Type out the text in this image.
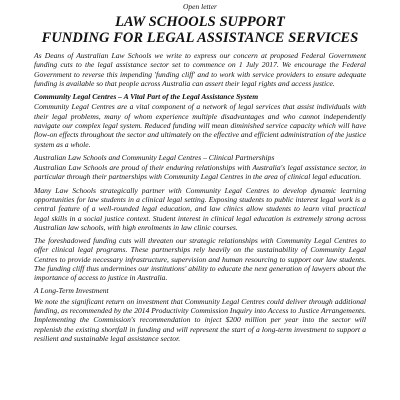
Open letter
LAW SCHOOLS SUPPORT
FUNDING FOR LEGAL ASSISTANCE SERVICES

As Deans of Australian Law Schools we write to express our concern at proposed Federal Government funding cuts to the legal assistance sector set to commence on 1 July 2017. We encourage the Federal Government to reverse this impending 'funding cliff' and to work with service providers to ensure adequate funding is available so that people across Australia can assert their legal rights and access justice.

Community Legal Centres – A Vital Part of the Legal Assistance System

Community Legal Centres are a vital component of a network of legal services that assist individuals with their legal problems, many of whom experience multiple disadvantages and who cannot independently navigate our complex legal system. Reduced funding will mean diminished service capacity which will have flow-on effects throughout the sector and ultimately on the effective and efficient administration of the justice system as a whole.

Australian Law Schools and Community Legal Centres – Clinical Partnerships

Australian Law Schools are proud of their enduring relationships with Australia's legal assistance sector, in particular through their partnerships with Community Legal Centres in the area of clinical legal education.

Many Law Schools strategically partner with Community Legal Centres to develop dynamic learning opportunities for law students in a clinical legal setting. Exposing students to public interest legal work is a central feature of a well-rounded legal education, and law clinics allow students to learn vital practical legal skills in a social justice context. Student interest in clinical legal education is extremely strong across Australian law schools, with high enrolments in law clinic courses.

The foreshadowed funding cuts will threaten our strategic relationships with Community Legal Centres to offer clinical legal programs. These partnerships rely heavily on the sustainability of Community Legal Centres to provide necessary infrastructure, supervision and human resourcing to support our law students. The funding cliff thus undermines our institutions' ability to educate the next generation of lawyers about the importance of access to justice in Australia.

A Long-Term Investment

We note the significant return on investment that Community Legal Centres could deliver through additional funding, as recommended by the 2014 Productivity Commission Inquiry into Access to Justice Arrangements. Implementing the Commission's recommendation to inject $200 million per year into the sector will replenish the existing shortfall in funding and will represent the start of a long-term investment to support a resilient and sustainable legal assistance sector.
